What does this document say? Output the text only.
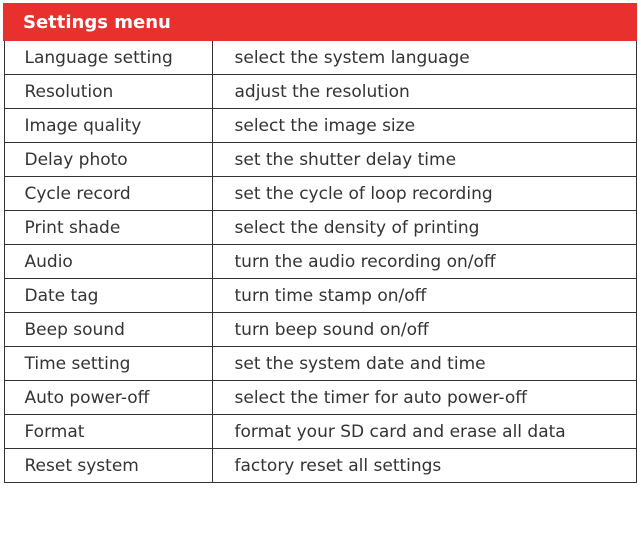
Settings menu	
Language setting	select the system language
Resolution	adjust the resolution
Image quality	select the image size
Delay photo	set the shutter delay time
Cycle record	set the cycle of loop recording
Print shade	select the density of printing
Audio	turn the audio recording on/off
Date tag	turn time stamp on/off
Beep sound	turn beep sound on/off
Time setting	set the system date and time
Auto power-off	select the timer for auto power-off
Format	format your SD card and erase all data
Reset system	factory reset all settings
